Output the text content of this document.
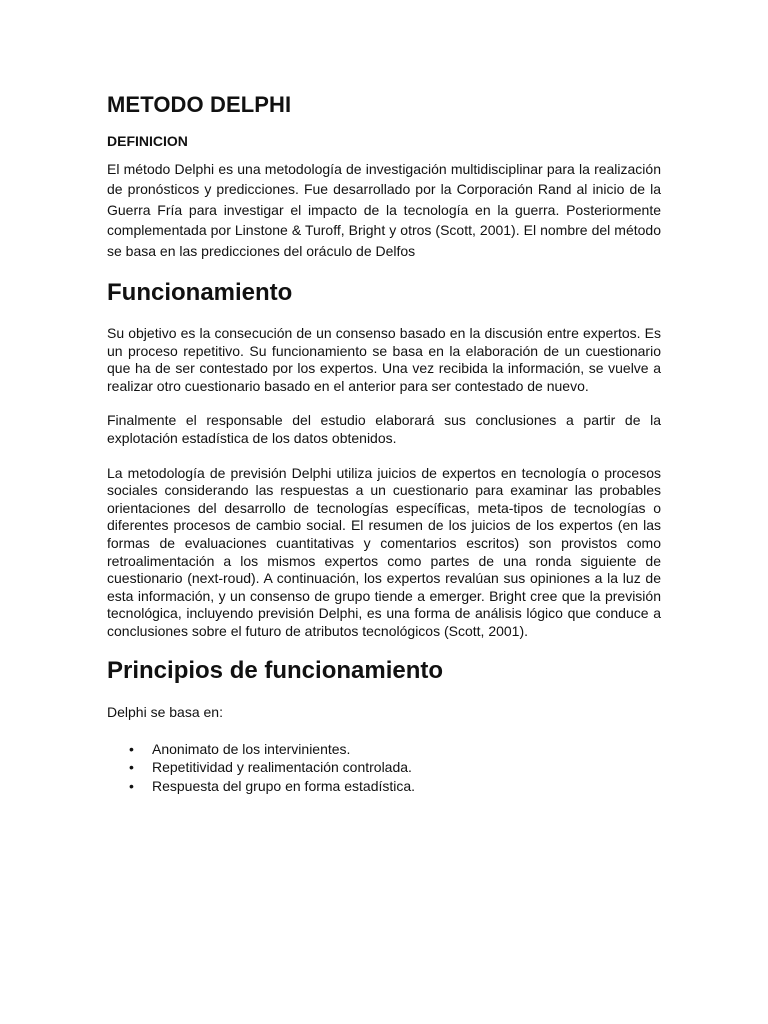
METODO DELPHI
DEFINICION

El método Delphi es una metodología de investigación multidisciplinar para la realización de pronósticos y predicciones. Fue desarrollado por la Corporación Rand al inicio de la Guerra Fría para investigar el impacto de la tecnología en la guerra. Posteriormente complementada por Linstone & Turoff, Bright y otros (Scott, 2001). El nombre del método se basa en las predicciones del oráculo de Delfos

Funcionamiento

Su objetivo es la consecución de un consenso basado en la discusión entre expertos. Es un proceso repetitivo. Su funcionamiento se basa en la elaboración de un cuestionario que ha de ser contestado por los expertos. Una vez recibida la información, se vuelve a realizar otro cuestionario basado en el anterior para ser contestado de nuevo.

Finalmente el responsable del estudio elaborará sus conclusiones a partir de la explotación estadística de los datos obtenidos.

La metodología de previsión Delphi utiliza juicios de expertos en tecnología o procesos sociales considerando las respuestas a un cuestionario para examinar las probables orientaciones del desarrollo de tecnologías específicas, meta-tipos de tecnologías o diferentes procesos de cambio social. El resumen de los juicios de los expertos (en las formas de evaluaciones cuantitativas y comentarios escritos) son provistos como retroalimentación a los mismos expertos como partes de una ronda siguiente de cuestionario (next-roud). A continuación, los expertos revalúan sus opiniones a la luz de esta información, y un consenso de grupo tiende a emerger. Bright cree que la previsión tecnológica, incluyendo previsión Delphi, es una forma de análisis lógico que conduce a conclusiones sobre el futuro de atributos tecnológicos (Scott, 2001).

Principios de funcionamiento

Delphi se basa en:

• Anonimato de los intervinientes.
• Repetitividad y realimentación controlada.
• Respuesta del grupo en forma estadística.
